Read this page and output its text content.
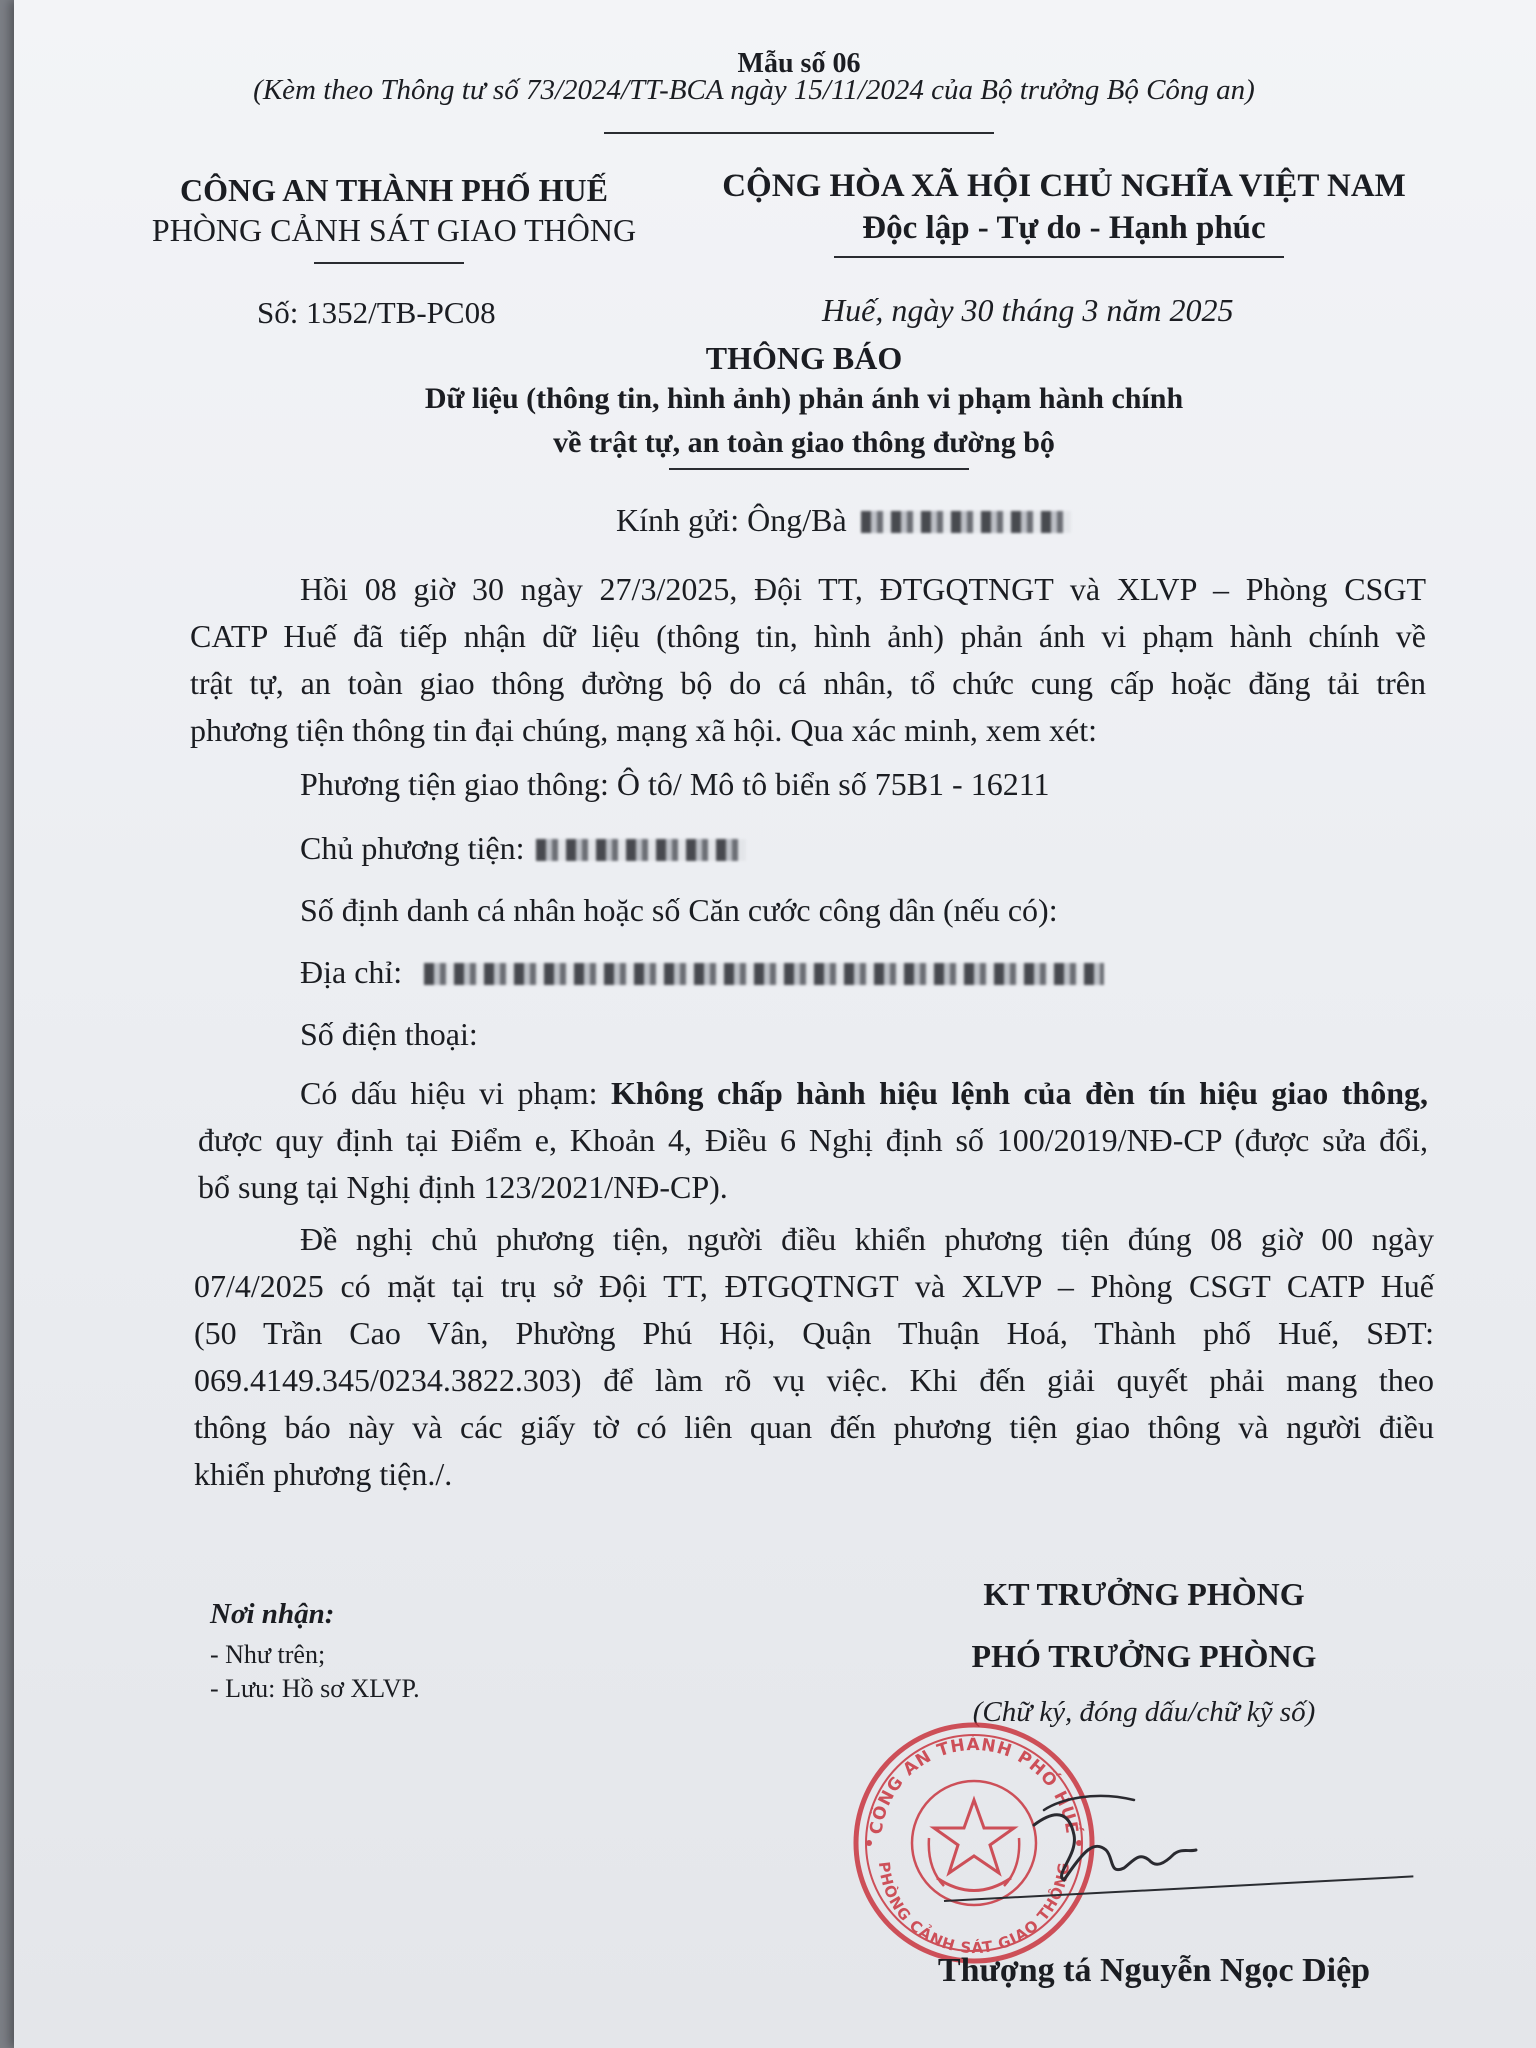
Mẫu số 06
(Kèm theo Thông tư số 73/2024/TT-BCA ngày 15/11/2024 của Bộ trưởng Bộ Công an)
CÔNG AN THÀNH PHỐ HUẾ
PHÒNG CẢNH SÁT GIAO THÔNG
Số: 1352/TB-PC08
CỘNG HÒA XÃ HỘI CHỦ NGHĨA VIỆT NAM
Độc lập - Tự do - Hạnh phúc
Huế, ngày 30 tháng 3 năm 2025
THÔNG BÁO
Dữ liệu (thông tin, hình ảnh) phản ánh vi phạm hành chính
về trật tự, an toàn giao thông đường bộ
Kính gửi: Ông/Bà
Hồi 08 giờ 30 ngày 27/3/2025, Đội TT, ĐTGQTNGT và XLVP – Phòng CSGT
CATP Huế đã tiếp nhận dữ liệu (thông tin, hình ảnh) phản ánh vi phạm hành chính về
trật tự, an toàn giao thông đường bộ do cá nhân, tổ chức cung cấp hoặc đăng tải trên
phương tiện thông tin đại chúng, mạng xã hội. Qua xác minh, xem xét:
Phương tiện giao thông: Ô tô/ Mô tô biển số 75B1 - 16211
Chủ phương tiện:
Số định danh cá nhân hoặc số Căn cước công dân (nếu có):
Địa chỉ:
Số điện thoại:
Có dấu hiệu vi phạm: Không chấp hành hiệu lệnh của đèn tín hiệu giao thông,
được quy định tại Điểm e, Khoản 4, Điều 6 Nghị định số 100/2019/NĐ-CP (được sửa đổi,
bổ sung tại Nghị định 123/2021/NĐ-CP).
Đề nghị chủ phương tiện, người điều khiển phương tiện đúng 08 giờ 00 ngày
07/4/2025 có mặt tại trụ sở Đội TT, ĐTGQTNGT và XLVP – Phòng CSGT CATP Huế
(50 Trần Cao Vân, Phường Phú Hội, Quận Thuận Hoá, Thành phố Huế, SĐT:
069.4149.345/0234.3822.303) để làm rõ vụ việc. Khi đến giải quyết phải mang theo
thông báo này và các giấy tờ có liên quan đến phương tiện giao thông và người điều
khiển phương tiện./.
Nơi nhận:
- Như trên;
- Lưu: Hồ sơ XLVP.
KT TRƯỞNG PHÒNG
PHÓ TRƯỞNG PHÒNG
(Chữ ký, đóng dấu/chữ kỹ số)
CÔNG AN THÀNH PHỐ HUẾ
PHÒNG CẢNH SÁT GIAO THÔNG
Thượng tá Nguyễn Ngọc Diệp
